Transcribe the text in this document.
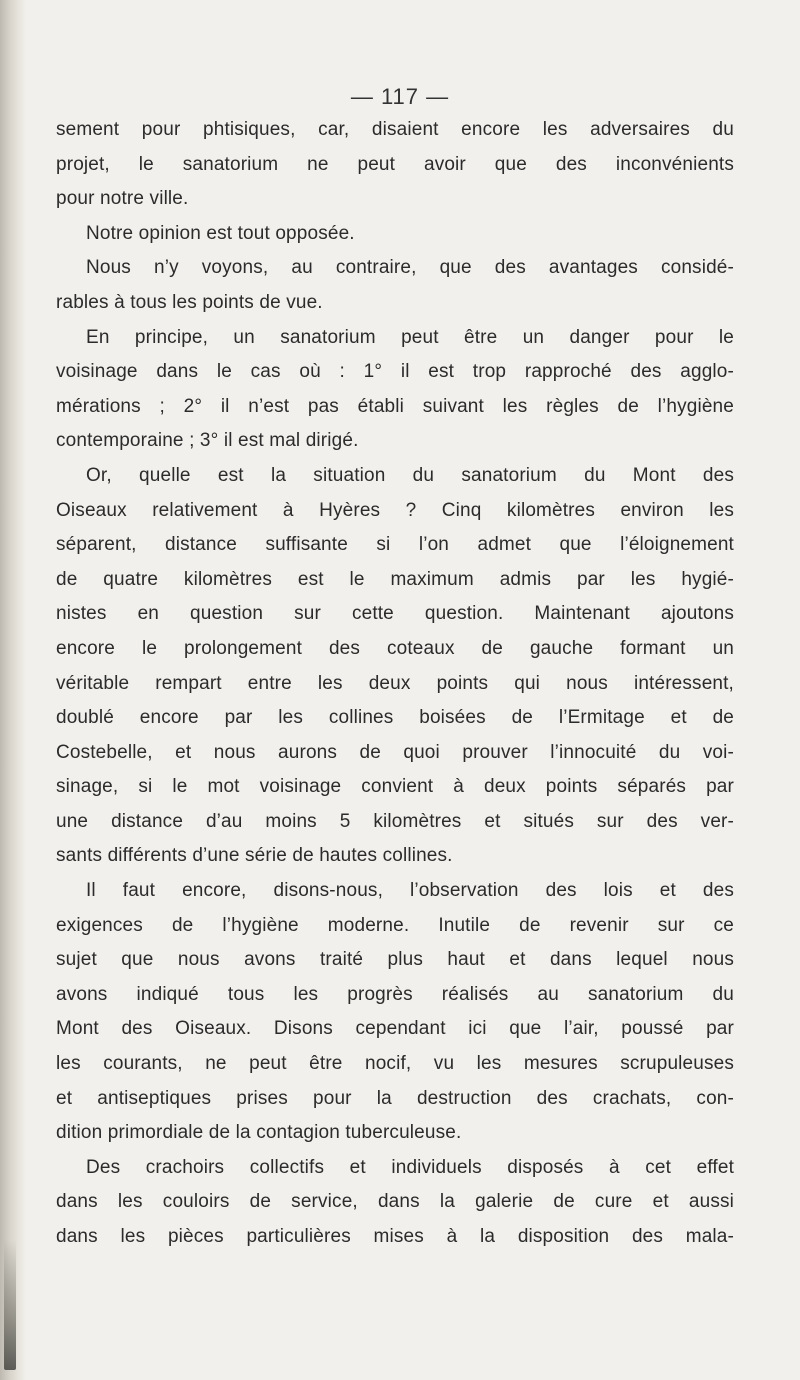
— 117 —
sement pour phtisiques, car, disaient encore les adversaires du
projet, le sanatorium ne peut avoir que des inconvénients
pour notre ville.
Notre opinion est tout opposée.
Nous n’y voyons, au contraire, que des avantages considé-
rables à tous les points de vue.
En principe, un sanatorium peut être un danger pour le
voisinage dans le cas où : 1° il est trop rapproché des agglo-
mérations ; 2° il n’est pas établi suivant les règles de l’hygiène
contemporaine ; 3° il est mal dirigé.
Or, quelle est la situation du sanatorium du Mont des
Oiseaux relativement à Hyères ? Cinq kilomètres environ les
séparent, distance suffisante si l’on admet que l’éloignement
de quatre kilomètres est le maximum admis par les hygié-
nistes en question sur cette question. Maintenant ajoutons
encore le prolongement des coteaux de gauche formant un
véritable rempart entre les deux points qui nous intéressent,
doublé encore par les collines boisées de l’Ermitage et de
Costebelle, et nous aurons de quoi prouver l’innocuité du voi-
sinage, si le mot voisinage convient à deux points séparés par
une distance d’au moins 5 kilomètres et situés sur des ver-
sants différents d’une série de hautes collines.
Il faut encore, disons-nous, l’observation des lois et des
exigences de l’hygiène moderne. Inutile de revenir sur ce
sujet que nous avons traité plus haut et dans lequel nous
avons indiqué tous les progrès réalisés au sanatorium du
Mont des Oiseaux. Disons cependant ici que l’air, poussé par
les courants, ne peut être nocif, vu les mesures scrupuleuses
et antiseptiques prises pour la destruction des crachats, con-
dition primordiale de la contagion tuberculeuse.
Des crachoirs collectifs et individuels disposés à cet effet
dans les couloirs de service, dans la galerie de cure et aussi
dans les pièces particulières mises à la disposition des mala-
